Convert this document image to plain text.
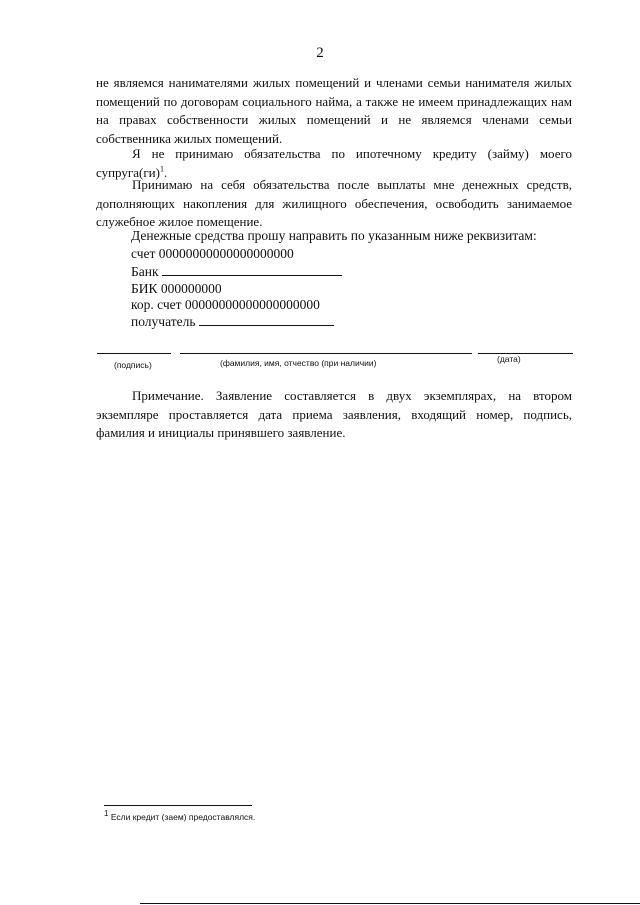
2
не являемся нанимателями жилых помещений и членами семьи нанимателя жилых помещений по договорам социального найма, а также не имеем принадлежащих нам на правах собственности жилых помещений и не являемся членами семьи собственника жилых помещений.
Я не принимаю обязательства по ипотечному кредиту (займу) моего супруга(ги)$^1$.
Принимаю на себя обязательства после выплаты мне денежных средств, дополняющих накопления для жилищного обеспечения, освободить занимаемое служебное жилое помещение.
Денежные средства прошу направить по указанным ниже реквизитам:
счет 00000000000000000000
Банк
БИК 000000000
кор. счет 00000000000000000000
получатель
(подпись)	(фамилия, имя, отчество (при наличии)	(дата)
Примечание. Заявление составляется в двух экземплярах, на втором экземпляре проставляется дата приема заявления, входящий номер, подпись, фамилия и инициалы принявшего заявление.
$^1$ Если кредит (заем) предоставлялся.
